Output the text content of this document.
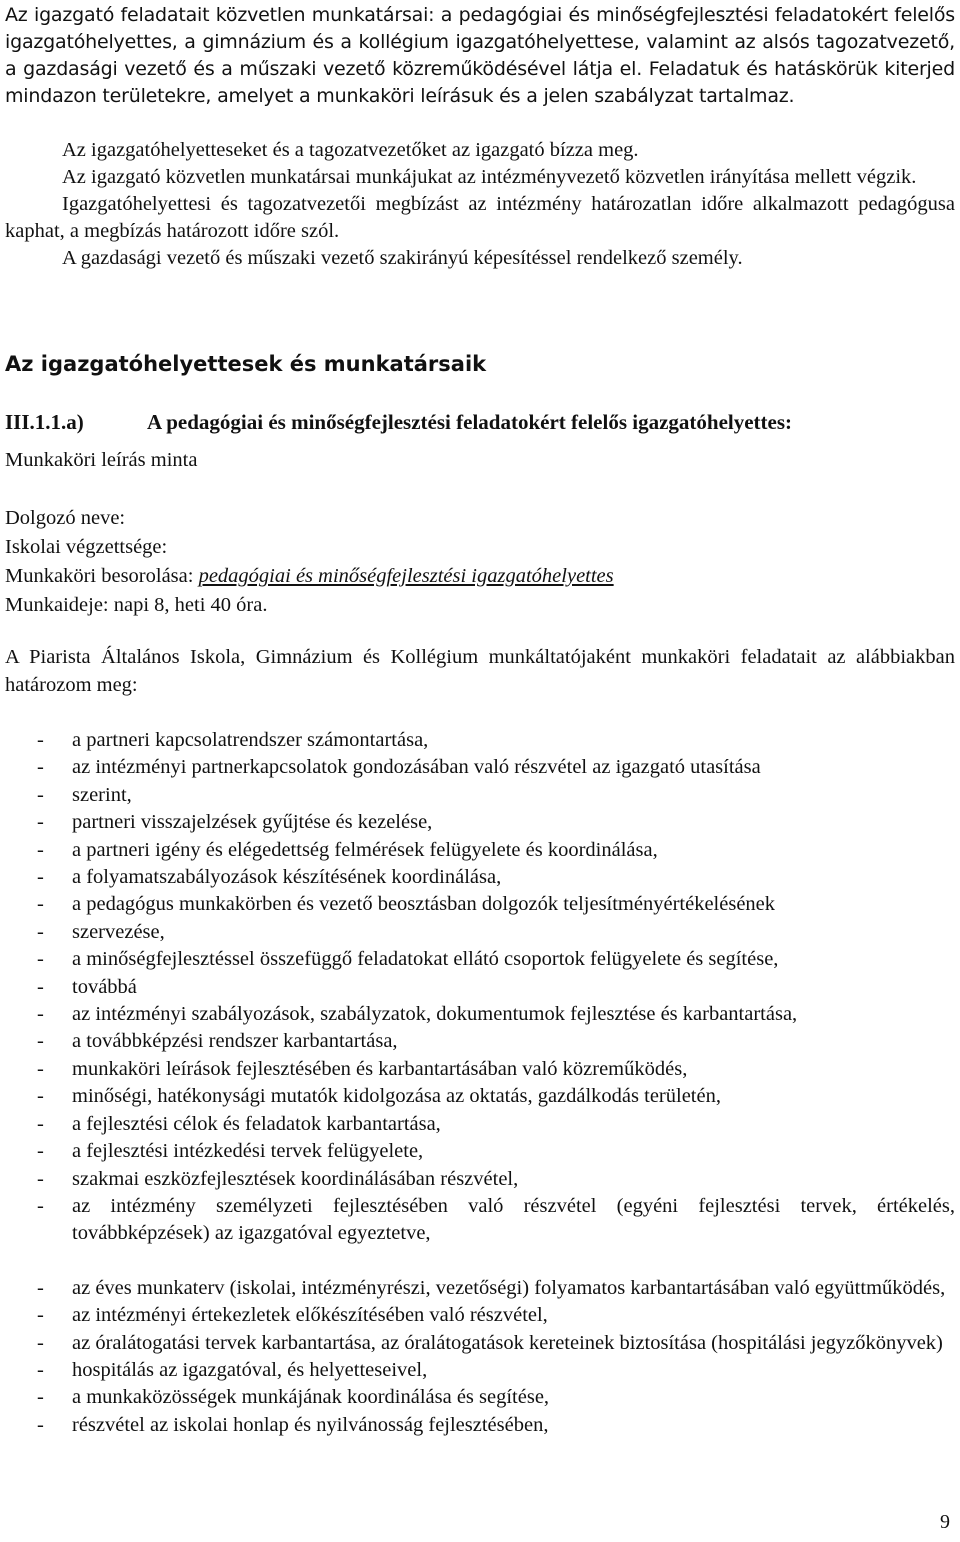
Az igazgató feladatait közvetlen munkatársai: a pedagógiai és minőségfejlesztési feladatokért felelős igazgatóhelyettes, a gimnázium és a kollégium igazgatóhelyettese, valamint az alsós tagozatvezető, a gazdasági vezető és a műszaki vezető közreműködésével látja el. Feladatuk és hatáskörük kiterjed mindazon területekre, amelyet a munkaköri leírásuk és a jelen szabályzat tartalmaz.

Az igazgatóhelyetteseket és a tagozatvezetőket az igazgató bízza meg.

Az igazgató közvetlen munkatársai munkájukat az intézményvezető közvetlen irányítása mellett végzik.

Igazgatóhelyettesi és tagozatvezetői megbízást az intézmény határozatlan időre alkalmazott pedagógusa kaphat, a megbízás határozott időre szól.

A gazdasági vezető és műszaki vezető szakirányú képesítéssel rendelkező személy.

Az igazgatóhelyettesek és munkatársaik
III.1.1.a)	A pedagógiai és minőségfejlesztési feladatokért felelős igazgatóhelyettes:
Munkaköri leírás minta

Dolgozó neve:

Iskolai végzettsége:

Munkaköri besorolása: pedagógiai és minőségfejlesztési igazgatóhelyettes

Munkaideje: napi 8, heti 40 óra.

A Piarista Általános Iskola, Gimnázium és Kollégium munkáltatójaként munkaköri feladatait az alábbiakban határozom meg:

- a partneri kapcsolatrendszer számontartása,
- az intézményi partnerkapcsolatok gondozásában való részvétel az igazgató utasítása
- szerint,
- partneri visszajelzések gyűjtése és kezelése,
- a partneri igény és elégedettség felmérések felügyelete és koordinálása,
- a folyamatszabályozások készítésének koordinálása,
- a pedagógus munkakörben és vezető beosztásban dolgozók teljesítményértékelésének
- szervezése,
- a minőségfejlesztéssel összefüggő feladatokat ellátó csoportok felügyelete és segítése,
- továbbá
- az intézményi szabályozások, szabályzatok, dokumentumok fejlesztése és karbantartása,
- a továbbképzési rendszer karbantartása,
- munkaköri leírások fejlesztésében és karbantartásában való közreműködés,
- minőségi, hatékonysági mutatók kidolgozása az oktatás, gazdálkodás területén,
- a fejlesztési célok és feladatok karbantartása,
- a fejlesztési intézkedési tervek felügyelete,
- szakmai eszközfejlesztések koordinálásában részvétel,
- az intézmény személyzeti fejlesztésében való részvétel (egyéni fejlesztési tervek, értékelés, továbbképzések) az igazgatóval egyeztetve,
- az éves munkaterv (iskolai, intézményrészi, vezetőségi) folyamatos karbantartásában való együttműködés,
- az intézményi értekezletek előkészítésében való részvétel,
- az óralátogatási tervek karbantartása, az óralátogatások kereteinek biztosítása (hospitálási jegyzőkönyvek)
- hospitálás az igazgatóval, és helyetteseivel,
- a munkaközösségek munkájának koordinálása és segítése,
- részvétel az iskolai honlap és nyilvánosság fejlesztésében,
9
